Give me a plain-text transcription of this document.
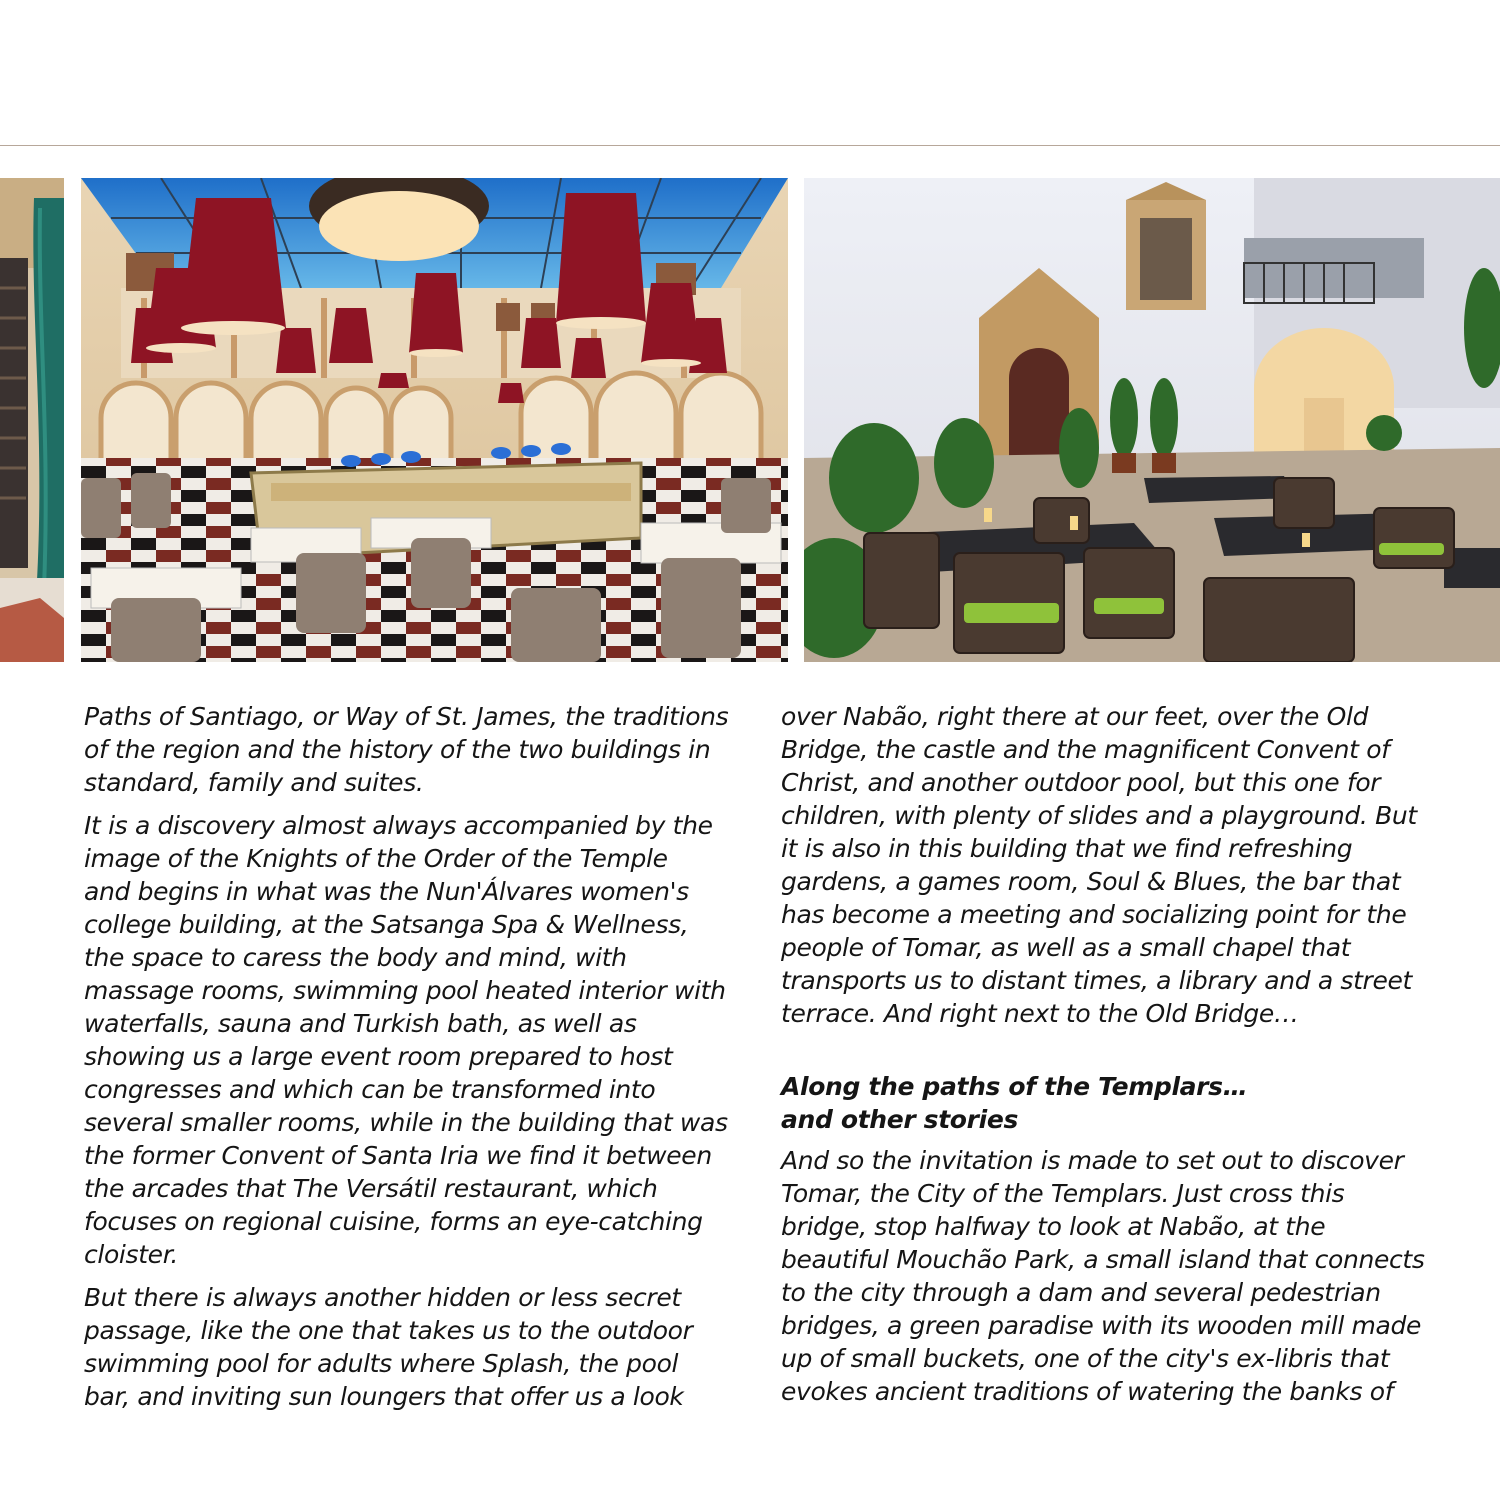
Paths of Santiago, or Way of St. James, the traditions
of the region and the history of the two buildings in
standard, family and suites.

It is a discovery almost always accompanied by the
image of the Knights of the Order of the Temple
and begins in what was the Nun'Álvares women's
college building, at the Satsanga Spa & Wellness,
the space to caress the body and mind, with
massage rooms, swimming pool heated interior with
waterfalls, sauna and Turkish bath, as well as
showing us a large event room prepared to host
congresses and which can be transformed into
several smaller rooms, while in the building that was
the former Convent of Santa Iria we find it between
the arcades that The Versátil restaurant, which
focuses on regional cuisine, forms an eye-catching
cloister.

But there is always another hidden or less secret
passage, like the one that takes us to the outdoor
swimming pool for adults where Splash, the pool
bar, and inviting sun loungers that offer us a look

over Nabão, right there at our feet, over the Old
Bridge, the castle and the magnificent Convent of
Christ, and another outdoor pool, but this one for
children, with plenty of slides and a playground. But
it is also in this building that we find refreshing
gardens, a games room, Soul & Blues, the bar that
has become a meeting and socializing point for the
people of Tomar, as well as a small chapel that
transports us to distant times, a library and a street
terrace. And right next to the Old Bridge…

Along the paths of the Templars…
and other stories

And so the invitation is made to set out to discover
Tomar, the City of the Templars. Just cross this
bridge, stop halfway to look at Nabão, at the
beautiful Mouchão Park, a small island that connects
to the city through a dam and several pedestrian
bridges, a green paradise with its wooden mill made
up of small buckets, one of the city's ex-libris that
evokes ancient traditions of watering the banks of
